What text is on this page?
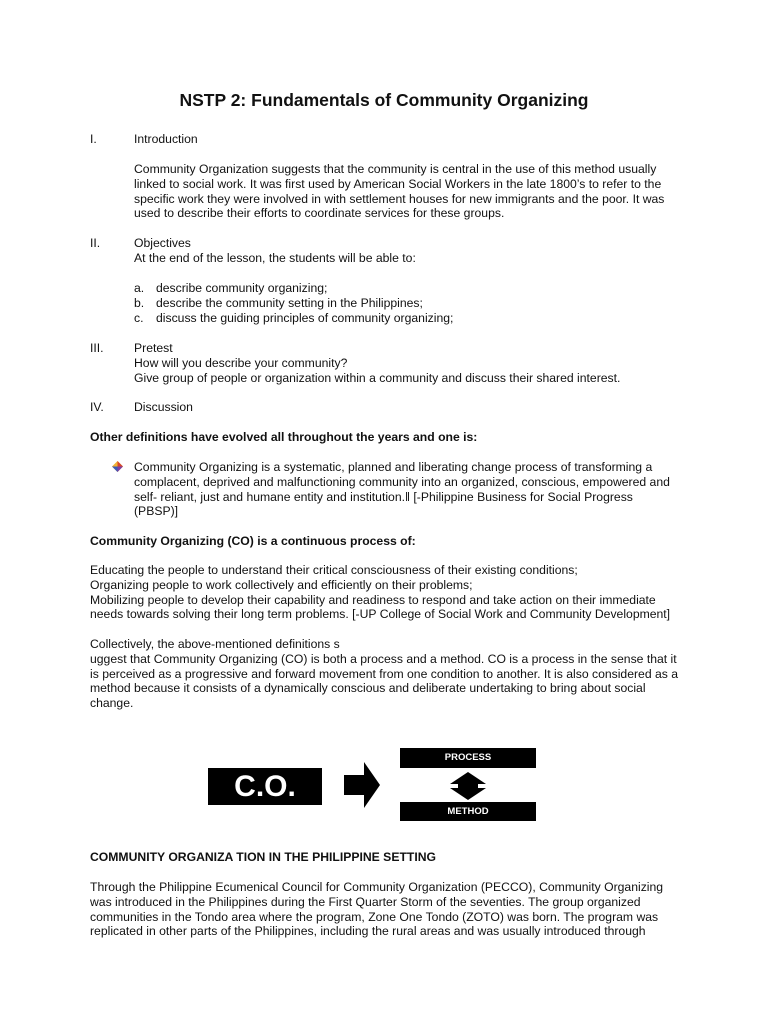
NSTP 2: Fundamentals of Community Organizing
I.	Introduction
Community Organization suggests that the community is central in the use of this method usually
linked to social work. It was first used by American Social Workers in the late 1800’s to refer to the
specific work they were involved in with settlement houses for new immigrants and the poor. It was
used to describe their efforts to coordinate services for these groups.
II.	Objectives
At the end of the lesson, the students will be able to:
a. describe community organizing;
b. describe the community setting in the Philippines;
c. discuss the guiding principles of community organizing;
III. Pretest
How will you describe your community?
Give group of people or organization within a community and discuss their shared interest.
IV. Discussion
Other definitions have evolved all throughout the years and one is:
Community Organizing is a systematic, planned and liberating change process of transforming a
complacent, deprived and malfunctioning community into an organized, conscious, empowered and
self- reliant, just and humane entity and institution.ǁ [-Philippine Business for Social Progress
(PBSP)]
Community Organizing (CO) is a continuous process of:
Educating the people to understand their critical consciousness of their existing conditions;
Organizing people to work collectively and efficiently on their problems;
Mobilizing people to develop their capability and readiness to respond and take action on their immediate
needs towards solving their long term problems. [-UP College of Social Work and Community Development]
Collectively, the above-mentioned definitions s
uggest that Community Organizing (CO) is both a process and a method. CO is a process in the sense that it
is perceived as a progressive and forward movement from one condition to another. It is also considered as a
method because it consists of a dynamically conscious and deliberate undertaking to bring about social
change.
C.O.
PROCESS
METHOD
COMMUNITY ORGANIZA TION IN THE PHILIPPINE SETTING
Through the Philippine Ecumenical Council for Community Organization (PECCO), Community Organizing
was introduced in the Philippines during the First Quarter Storm of the seventies. The group organized
communities in the Tondo area where the program, Zone One Tondo (ZOTO) was born. The program was
replicated in other parts of the Philippines, including the rural areas and was usually introduced through
